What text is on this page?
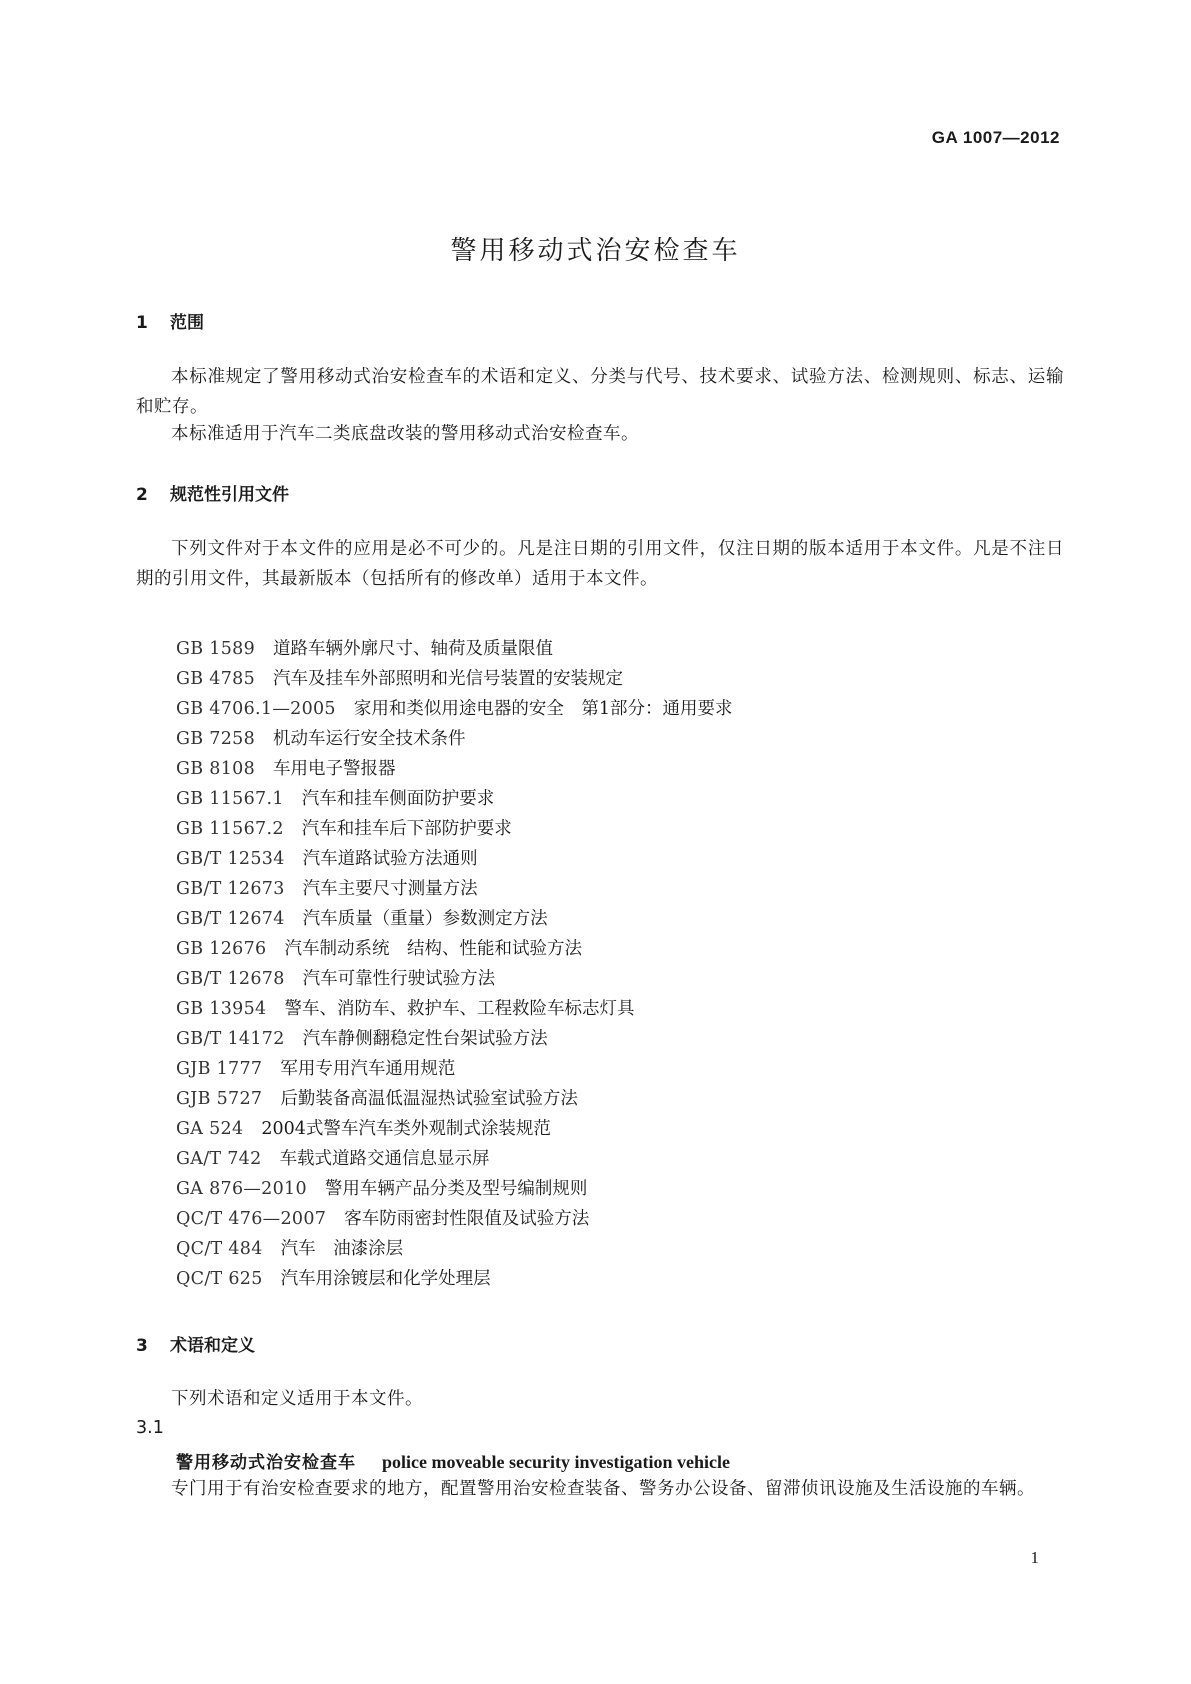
GA 1007—2012
警用移动式治安检查车
1 范围
本标准规定了警用移动式治安检查车的术语和定义、分类与代号、技术要求、试验方法、检测规则、标志、运输和贮存。
本标准适用于汽车二类底盘改装的警用移动式治安检查车。
2 规范性引用文件
下列文件对于本文件的应用是必不可少的。凡是注日期的引用文件，仅注日期的版本适用于本文件。凡是不注日期的引用文件，其最新版本（包括所有的修改单）适用于本文件。
GB 1589 道路车辆外廓尺寸、轴荷及质量限值
GB 4785 汽车及挂车外部照明和光信号装置的安装规定
GB 4706.1—2005 家用和类似用途电器的安全　第1部分：通用要求
GB 7258 机动车运行安全技术条件
GB 8108 车用电子警报器
GB 11567.1 汽车和挂车侧面防护要求
GB 11567.2 汽车和挂车后下部防护要求
GB/T 12534 汽车道路试验方法通则
GB/T 12673 汽车主要尺寸测量方法
GB/T 12674 汽车质量（重量）参数测定方法
GB 12676 汽车制动系统　结构、性能和试验方法
GB/T 12678 汽车可靠性行驶试验方法
GB 13954 警车、消防车、救护车、工程救险车标志灯具
GB/T 14172 汽车静侧翻稳定性台架试验方法
GJB 1777 军用专用汽车通用规范
GJB 5727 后勤装备高温低温湿热试验室试验方法
GA 524 2004式警车汽车类外观制式涂装规范
GA/T 742 车载式道路交通信息显示屏
GA 876—2010 警用车辆产品分类及型号编制规则
QC/T 476—2007 客车防雨密封性限值及试验方法
QC/T 484 汽车　油漆涂层
QC/T 625 汽车用涂镀层和化学处理层
3 术语和定义
下列术语和定义适用于本文件。
3.1
警用移动式治安检查车 police moveable security investigation vehicle
专门用于有治安检查要求的地方，配置警用治安检查装备、警务办公设备、留滞侦讯设施及生活设施的车辆。
1
